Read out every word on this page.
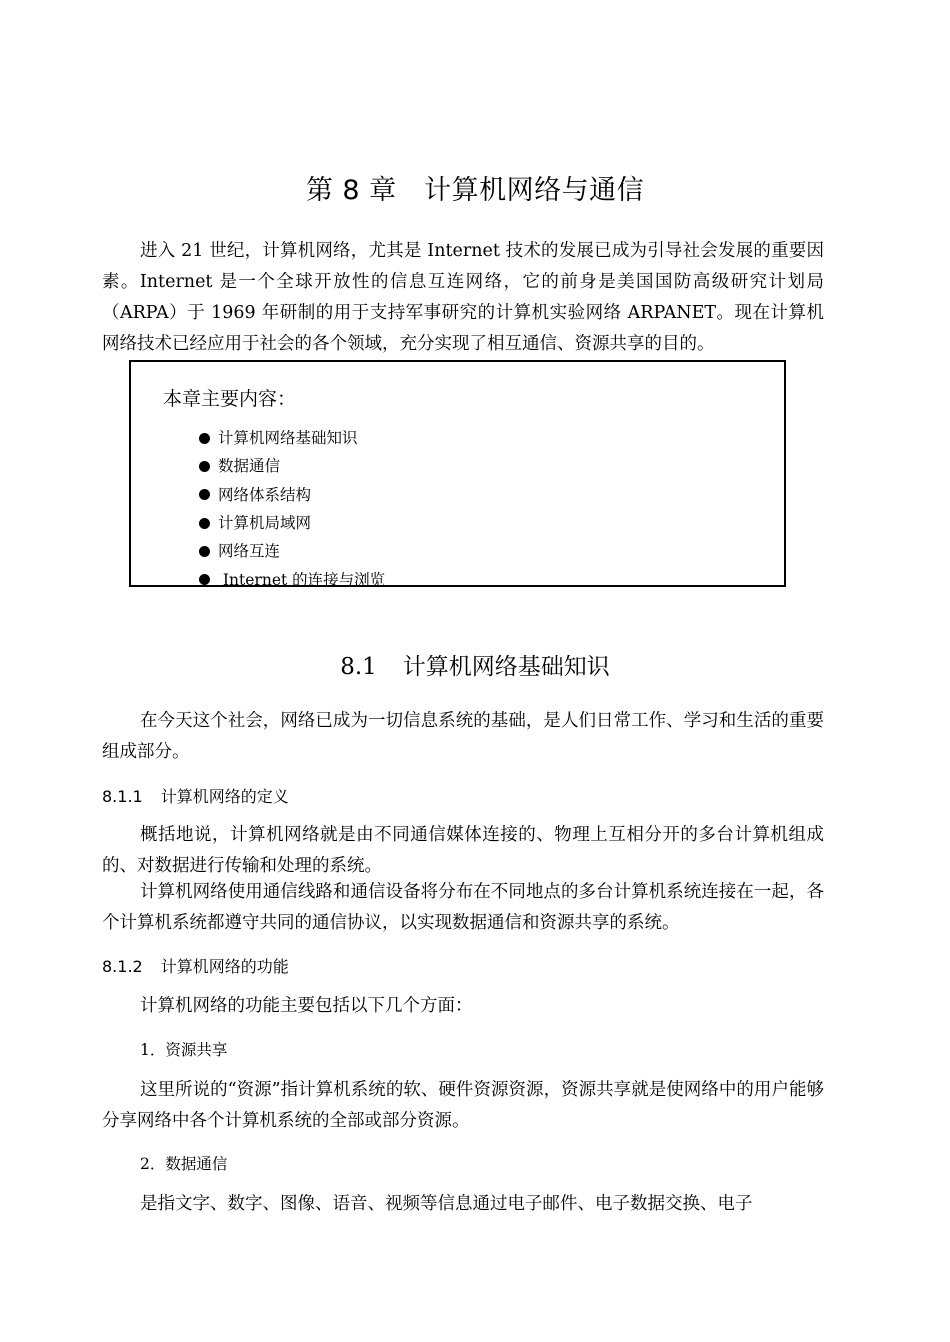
第 8 章　计算机网络与通信
进入 21 世纪，计算机网络，尤其是 Internet 技术的发展已成为引导社会发展的重要因素。Internet 是一个全球开放性的信息互连网络，它的前身是美国国防高级研究计划局（ARPA）于 1969 年研制的用于支持军事研究的计算机实验网络 ARPANET。现在计算机网络技术已经应用于社会的各个领域，充分实现了相互通信、资源共享的目的。
本章主要内容：
计算机网络基础知识
数据通信
网络体系结构
计算机局域网
网络互连
Internet 的连接与浏览
8.1 计算机网络基础知识
在今天这个社会，网络已成为一切信息系统的基础，是人们日常工作、学习和生活的重要组成部分。
8.1.1 计算机网络的定义
概括地说，计算机网络就是由不同通信媒体连接的、物理上互相分开的多台计算机组成的、对数据进行传输和处理的系统。
计算机网络使用通信线路和通信设备将分布在不同地点的多台计算机系统连接在一起，各个计算机系统都遵守共同的通信协议，以实现数据通信和资源共享的系统。
8.1.2 计算机网络的功能
计算机网络的功能主要包括以下几个方面：
1．资源共享
这里所说的“资源”指计算机系统的软、硬件资源资源，资源共享就是使网络中的用户能够分享网络中各个计算机系统的全部或部分资源。
2．数据通信
是指文字、数字、图像、语音、视频等信息通过电子邮件、电子数据交换、电子
